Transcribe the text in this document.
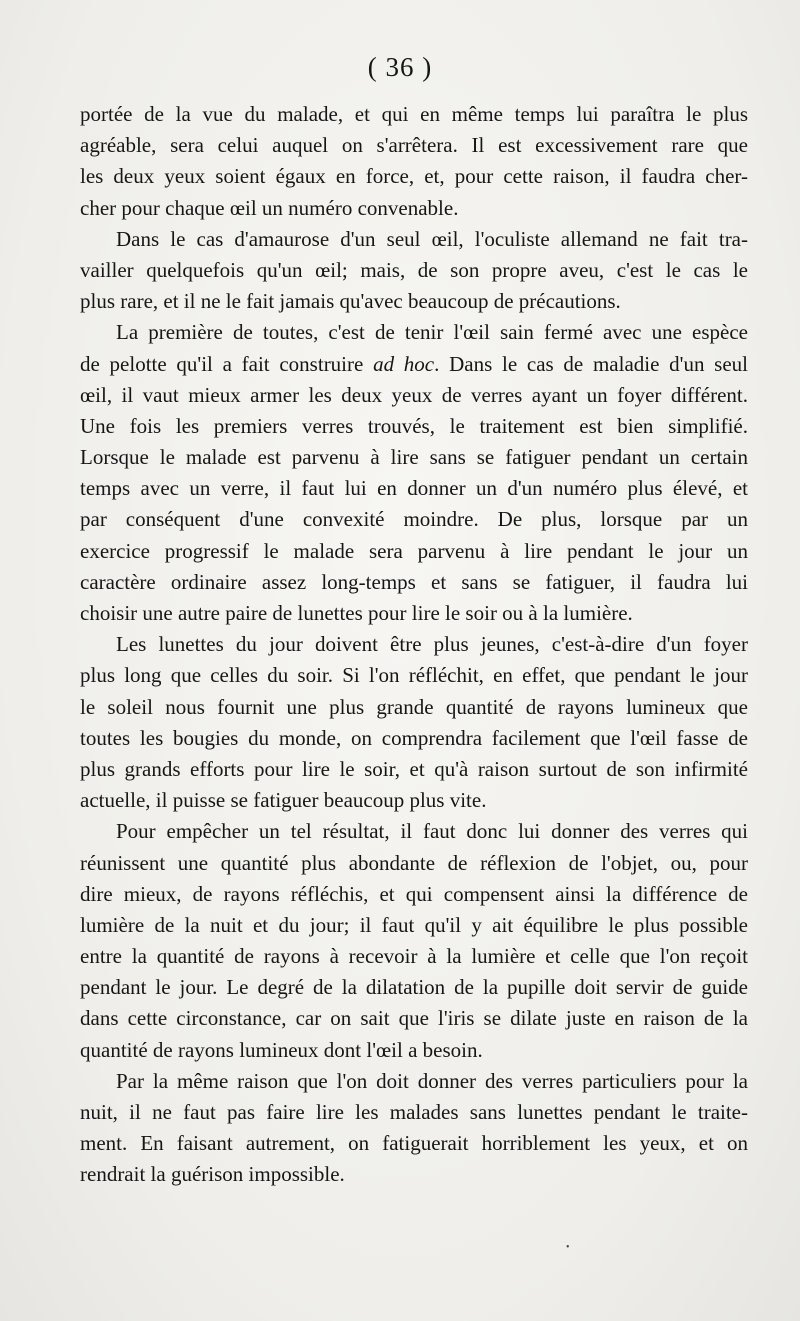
( 36 )
portée de la vue du malade, et qui en même temps lui paraîtra le plus
agréable, sera celui auquel on s'arrêtera. Il est excessivement rare que
les deux yeux soient égaux en force, et, pour cette raison, il faudra cher-
cher pour chaque œil un numéro convenable.
Dans le cas d'amaurose d'un seul œil, l'oculiste allemand ne fait tra-
vailler quelquefois qu'un œil; mais, de son propre aveu, c'est le cas le
plus rare, et il ne le fait jamais qu'avec beaucoup de précautions.
La première de toutes, c'est de tenir l'œil sain fermé avec une espèce
de pelotte qu'il a fait construire ad hoc. Dans le cas de maladie d'un seul
œil, il vaut mieux armer les deux yeux de verres ayant un foyer différent.
Une fois les premiers verres trouvés, le traitement est bien simplifié.
Lorsque le malade est parvenu à lire sans se fatiguer pendant un certain
temps avec un verre, il faut lui en donner un d'un numéro plus élevé, et
par conséquent d'une convexité moindre. De plus, lorsque par un
exercice progressif le malade sera parvenu à lire pendant le jour un
caractère ordinaire assez long-temps et sans se fatiguer, il faudra lui
choisir une autre paire de lunettes pour lire le soir ou à la lumière.
Les lunettes du jour doivent être plus jeunes, c'est-à-dire d'un foyer
plus long que celles du soir. Si l'on réfléchit, en effet, que pendant le jour
le soleil nous fournit une plus grande quantité de rayons lumineux que
toutes les bougies du monde, on comprendra facilement que l'œil fasse de
plus grands efforts pour lire le soir, et qu'à raison surtout de son infirmité
actuelle, il puisse se fatiguer beaucoup plus vite.
Pour empêcher un tel résultat, il faut donc lui donner des verres qui
réunissent une quantité plus abondante de réflexion de l'objet, ou, pour
dire mieux, de rayons réfléchis, et qui compensent ainsi la différence de
lumière de la nuit et du jour; il faut qu'il y ait équilibre le plus possible
entre la quantité de rayons à recevoir à la lumière et celle que l'on reçoit
pendant le jour. Le degré de la dilatation de la pupille doit servir de guide
dans cette circonstance, car on sait que l'iris se dilate juste en raison de la
quantité de rayons lumineux dont l'œil a besoin.
Par la même raison que l'on doit donner des verres particuliers pour la
nuit, il ne faut pas faire lire les malades sans lunettes pendant le traite-
ment. En faisant autrement, on fatiguerait horriblement les yeux, et on
rendrait la guérison impossible.
•
